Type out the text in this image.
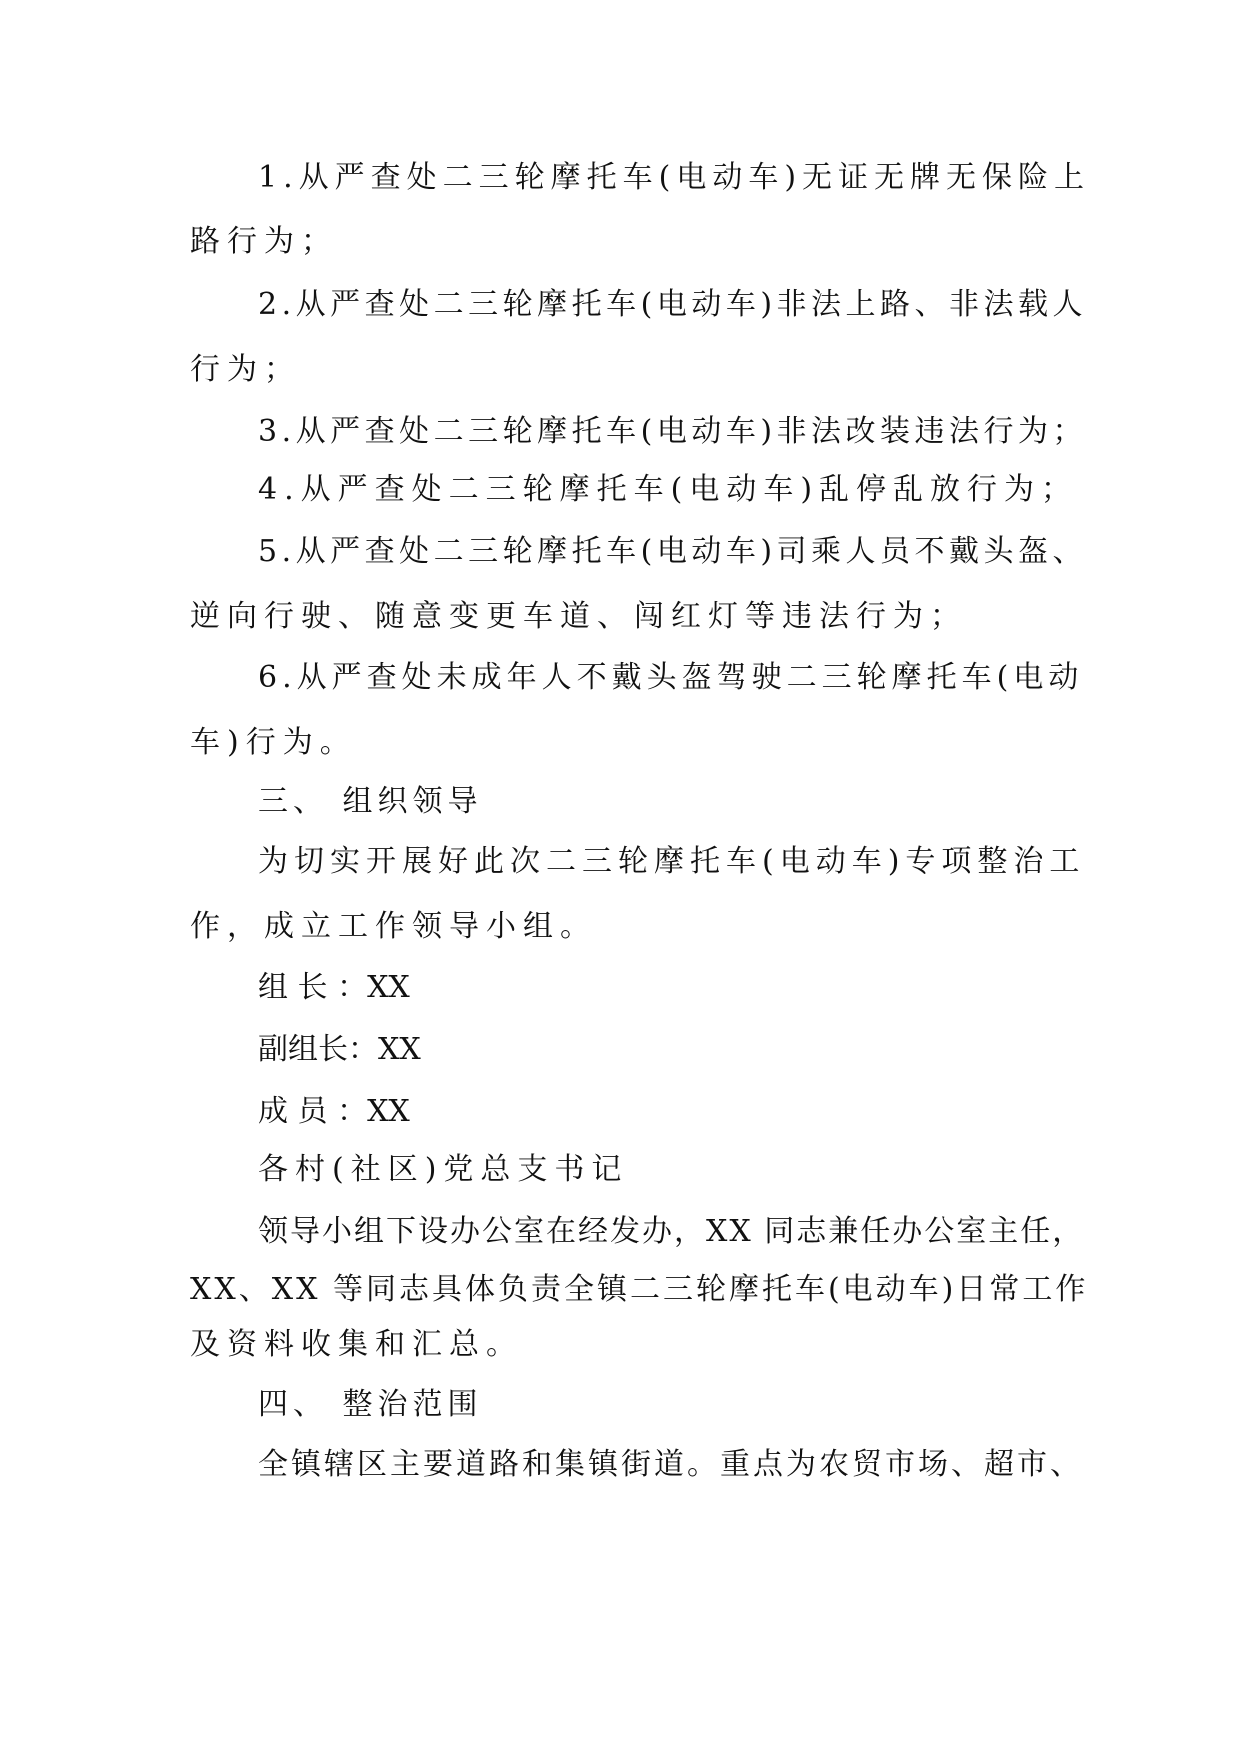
1.从严查处二三轮摩托车(电动车)无证无牌无保险上

路行为；

2.从严查处二三轮摩托车(电动车)非法上路、非法载人

行为；

3.从严查处二三轮摩托车(电动车)非法改装违法行为；

4.从严查处二三轮摩托车(电动车)乱停乱放行为；

5.从严查处二三轮摩托车(电动车)司乘人员不戴头盔、

逆向行驶、随意变更车道、闯红灯等违法行为；

6.从严查处未成年人不戴头盔驾驶二三轮摩托车(电动

车)行为。

三、 组织领导

为切实开展好此次二三轮摩托车(电动车)专项整治工

作，成立工作领导小组。

组 长 ：XX

副组长：XX

成 员 ：XX

各村(社区)党总支书记

领导小组下设办公室在经发办，XX 同志兼任办公室主任，

XX、XX 等同志具体负责全镇二三轮摩托车(电动车)日常工作

及资料收集和汇总。

四、 整治范围

全镇辖区主要道路和集镇街道。重点为农贸市场、超市、
